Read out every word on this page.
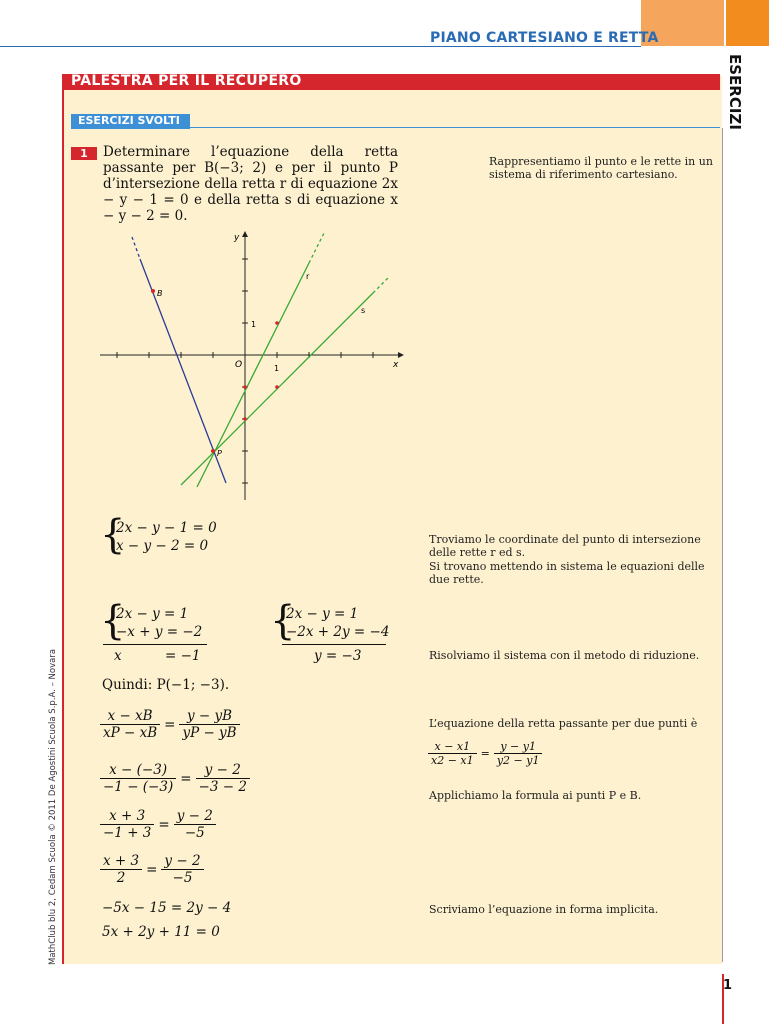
PIANO CARTESIANO E RETTA
ESERCIZI
1
PALESTRA PER IL RECUPERO
ESERCIZI SVOLTI
1	Determinare l’equazione della retta passante per B(−3; 2) e per il punto P d’intersezione della retta r di equazione 2x − y − 1 = 0 e della retta s di equazione x − y − 2 = 0.
Rappresentiamo il punto e le rette in un sistema di riferimento cartesiano.
y
x
O	1
1
r
s
B
P
{
2x − y − 1 = 0
x − y − 2 = 0	Troviamo le coordinate del punto di intersezione delle rette r ed s.
Si trovano mettendo in sistema le equazioni delle due rette.
{
2x − y = 1
−x + y = −2
x	= −1
{
2x − y = 1
−2x + 2y = −4
y = −3	Risolviamo il sistema con il metodo di riduzione.
Quindi: P(−1; −3).
$\frac{x - xB}{xP - xB} = \frac{y - yB}{yP - yB}$	L’equazione della retta passante per due punti è
$\frac{x - x1}{x2 - x1} = \frac{y - y1}{y2 - y1}$
$\frac{x - (-3)}{-1 - (-3)} = \frac{y - 2}{-3 - 2}$
Applichiamo la formula ai punti P e B.
$\frac{x + 3}{-1 + 3} = \frac{y - 2}{-5}$
$\frac{x + 3}{2} = \frac{y - 2}{-5}$
−5x − 15 = 2y − 4	Scriviamo l’equazione in forma implicita.
5x + 2y + 11 = 0
MathClub blu 2, Cedam Scuola © 2011 De Agostini Scuola S.p.A. – Novara
